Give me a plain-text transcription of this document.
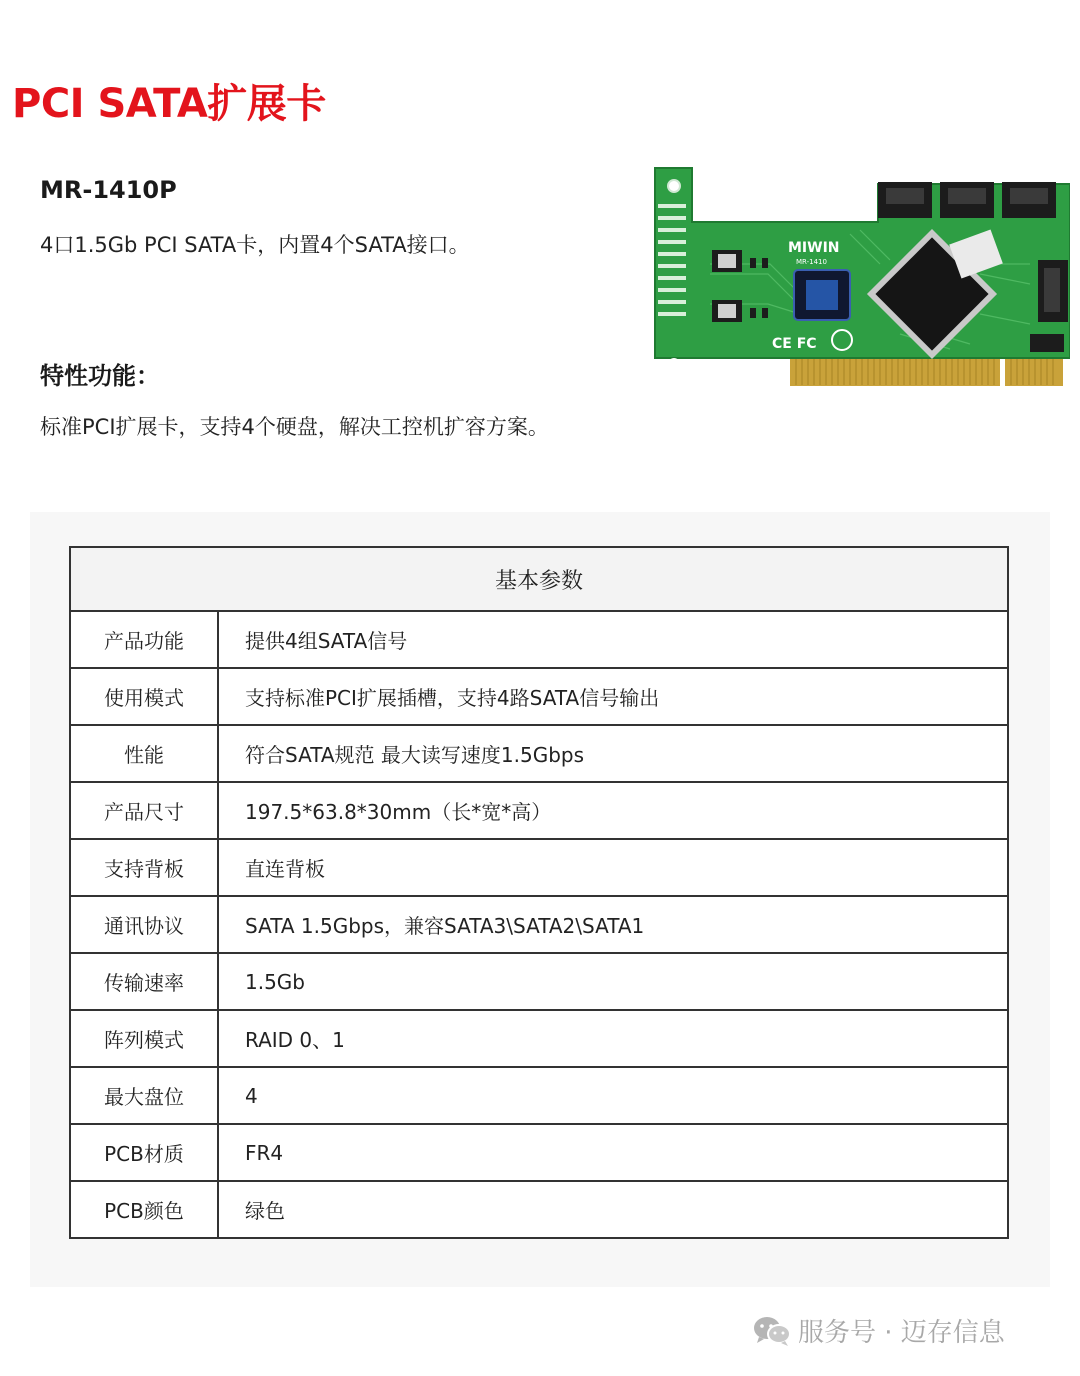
PCI SATA扩展卡
MR-1410P
4口1.5Gb PCI SATA卡，内置4个SATA接口。
特性功能：
标准PCI扩展卡，支持4个硬盘，解决工控机扩容方案。
MIWIN
MR-1410
CE FC
基本参数	
产品功能	提供4组SATA信号
使用模式	支持标准PCI扩展插槽，支持4路SATA信号输出
性能	符合SATA规范 最大读写速度1.5Gbps
产品尺寸	197.5*63.8*30mm（长*宽*高）
支持背板	直连背板
通讯协议	SATA 1.5Gbps，兼容SATA3\SATA2\SATA1
传输速率	1.5Gb
阵列模式	RAID 0、1
最大盘位	4
PCB材质	FR4
PCB颜色	绿色
服务号 · 迈存信息
